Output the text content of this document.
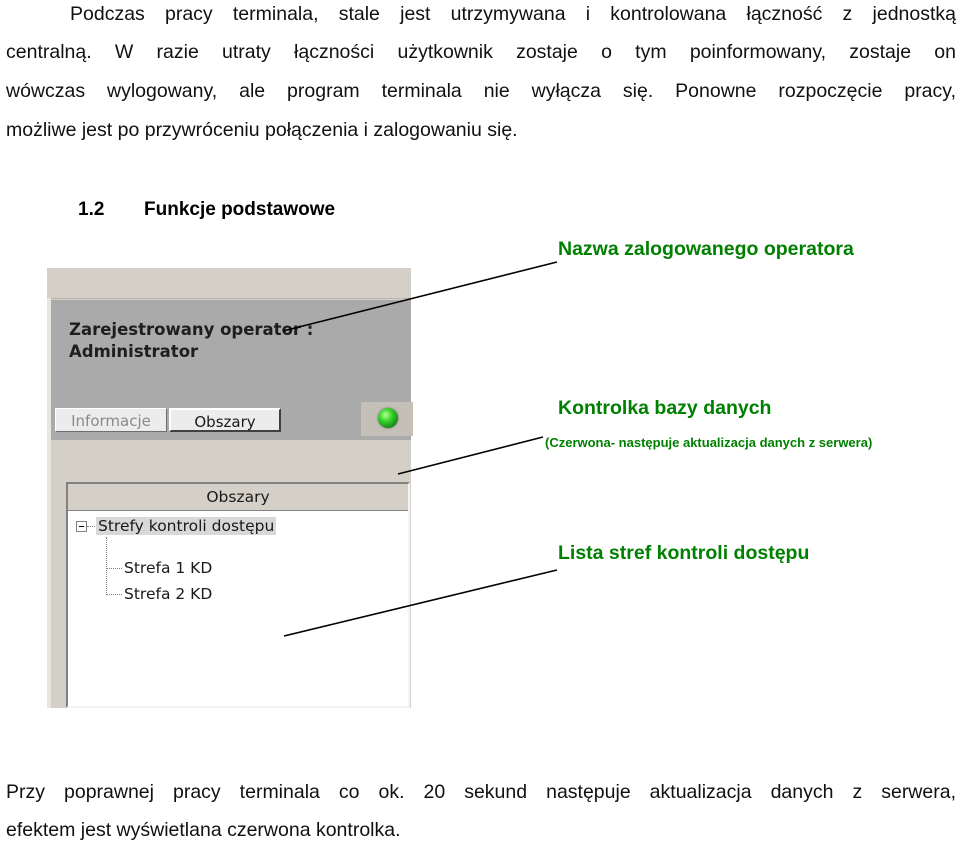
Podczas pracy terminala, stale jest utrzymywana i kontrolowana łączność z jednostką
centralną. W razie utraty łączności użytkownik zostaje o tym poinformowany, zostaje on
wówczas wylogowany, ale program terminala nie wyłącza się. Ponowne rozpoczęcie pracy,
możliwe jest po przywróceniu połączenia i zalogowaniu się.
1.2 Funkcje podstawowe
Zarejestrowany operator :
Administrator
Informacje	Obszary
Obszary
Strefy kontroli dostępu
Strefa 1 KD
Strefa 2 KD
Nazwa zalogowanego operatora
Kontrolka bazy danych
(Czerwona- następuje aktualizacja danych z serwera)
Lista stref kontroli dostępu
Przy poprawnej pracy terminala co ok. 20 sekund następuje aktualizacja danych z serwera,
efektem jest wyświetlana czerwona kontrolka.
